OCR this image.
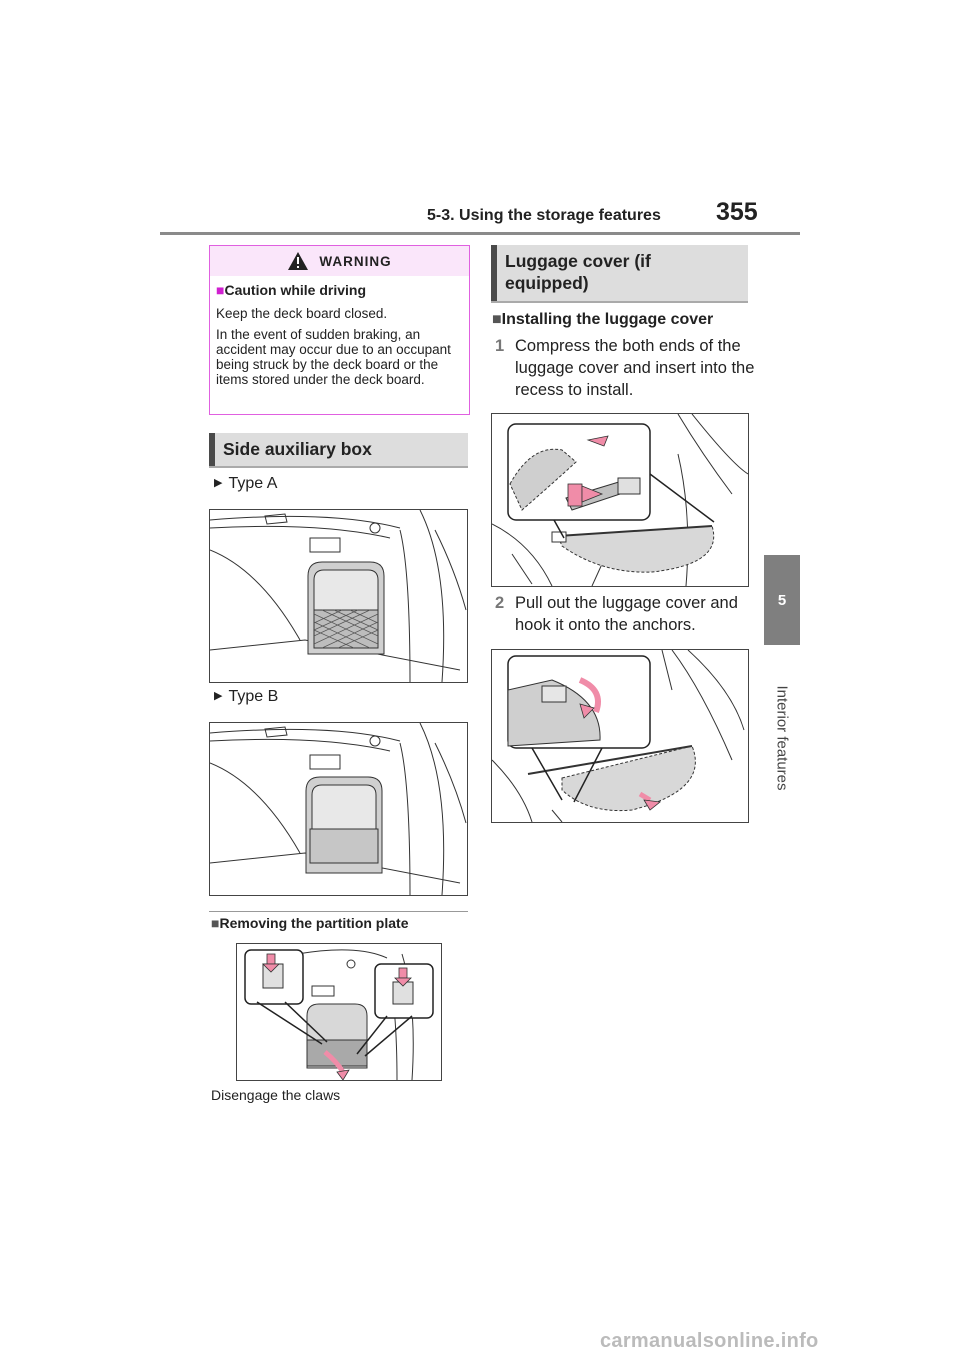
5-3. Using the storage features 355
5
Interior features
WARNING
■Caution while driving

Keep the deck board closed.

In the event of sudden braking, an accident may occur due to an occupant being struck by the deck board or the items stored under the deck board.

Side auxiliary box
▶ Type A
▶ Type B
■Removing the partition plate
Disengage the claws
Luggage cover (if equipped)
■Installing the luggage cover
1 Compress the both ends of the luggage cover and insert into the recess to install.
2 Pull out the luggage cover and hook it onto the anchors.
carmanualsonline.info
